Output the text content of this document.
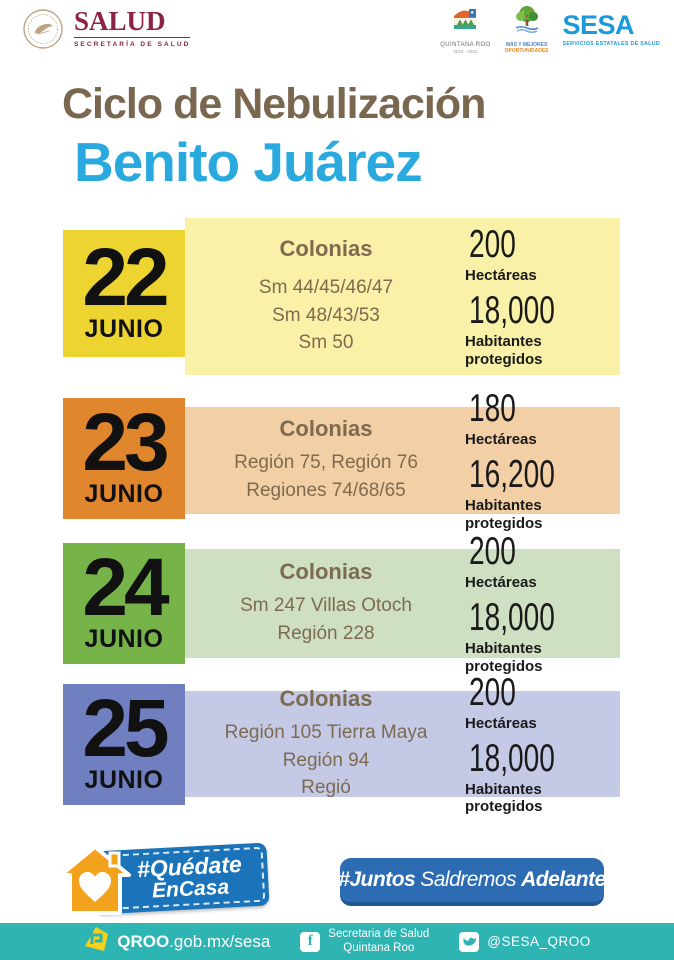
SALUD
SECRETARÍA DE SALUD	QUINTANA ROO
2016 - 2022
MÁS Y MEJORES
OPORTUNIDADES
SESA
SERVICIOS ESTATALES DE SALUD
Ciclo de Nebulización
Benito Juárez
Colonias
Sm 44/45/46/47
Sm 48/43/53
Sm 50
200
Hectáreas
18,000
Habitantes protegidos
22
JUNIO
Colonias
Región 75, Región 76
Regiones 74/68/65
180
Hectáreas
16,200
Habitantes protegidos
23
JUNIO
Colonias
Sm 247 Villas Otoch
Región 228
200
Hectáreas
18,000
Habitantes protegidos
24
JUNIO
Colonias
Región 105 Tierra Maya
Región 94
Regió
200
Hectáreas
18,000
Habitantes protegidos
25
JUNIO
#Quédate
EnCasa	#Juntos Saldremos Adelante
QROO.gob.mx/sesa	f Secretaria de Salud
Quintana Roo	@SESA_QROO
